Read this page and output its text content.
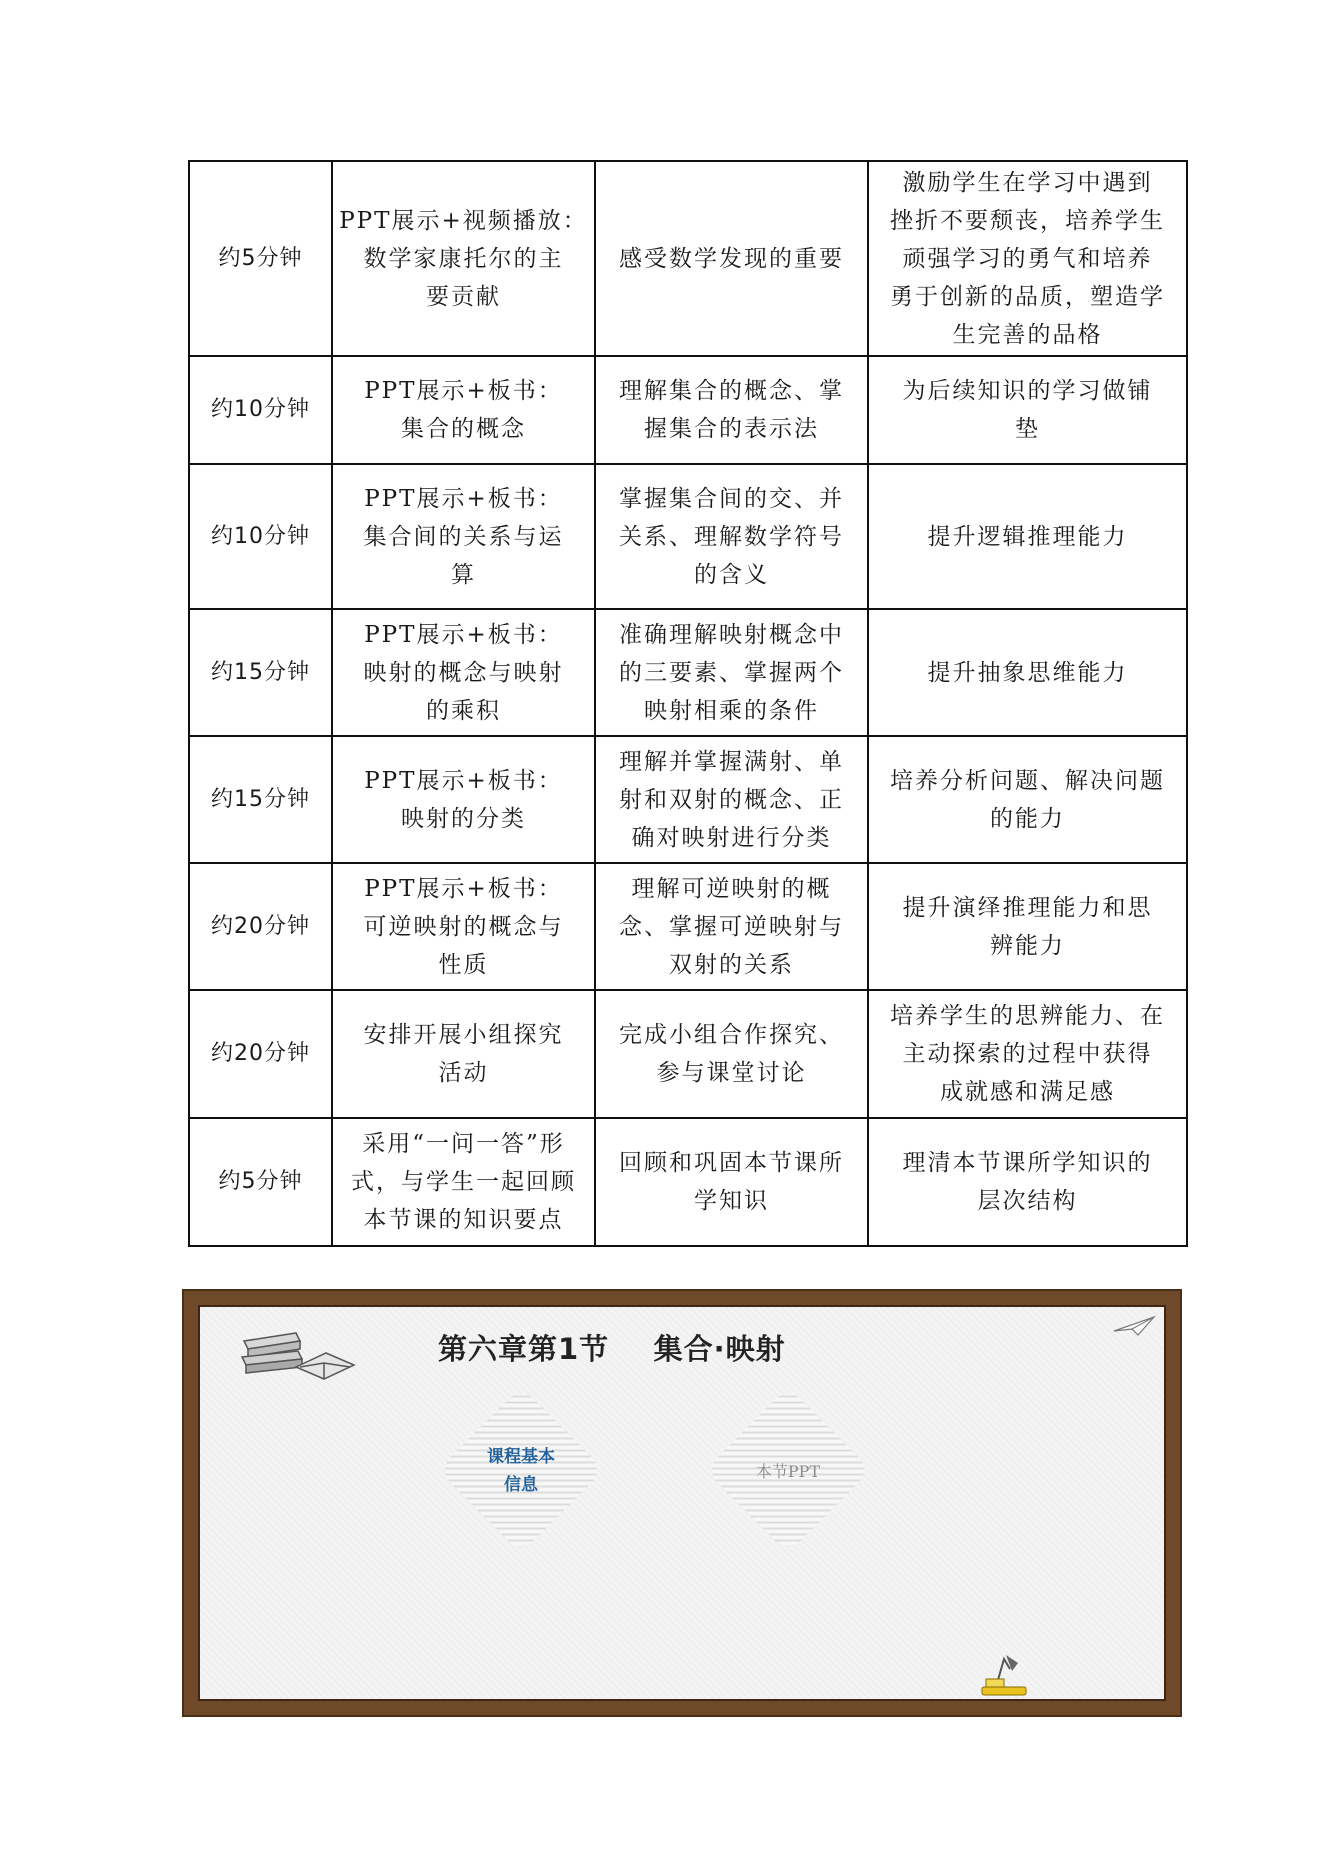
约5分钟	PPT展示+视频播放：
数学家康托尔的主
要贡献	感受数学发现的重要	激励学生在学习中遇到
挫折不要颓丧，培养学生
顽强学习的勇气和培养
勇于创新的品质，塑造学
生完善的品格
约10分钟	PPT展示+板书：
集合的概念	理解集合的概念、掌
握集合的表示法	为后续知识的学习做铺
垫
约10分钟	PPT展示+板书：
集合间的关系与运
算	掌握集合间的交、并
关系、理解数学符号
的含义	提升逻辑推理能力
约15分钟	PPT展示+板书：
映射的概念与映射
的乘积	准确理解映射概念中
的三要素、掌握两个
映射相乘的条件	提升抽象思维能力
约15分钟	PPT展示+板书：
映射的分类	理解并掌握满射、单
射和双射的概念、正
确对映射进行分类	培养分析问题、解决问题
的能力
约20分钟	PPT展示+板书：
可逆映射的概念与
性质	理解可逆映射的概
念、掌握可逆映射与
双射的关系	提升演绎推理能力和思
辨能力
约20分钟	安排开展小组探究
活动	完成小组合作探究、
参与课堂讨论	培养学生的思辨能力、在
主动探索的过程中获得
成就感和满足感
约5分钟	采用“一问一答”形
式，与学生一起回顾
本节课的知识要点	回顾和巩固本节课所
学知识	理清本节课所学知识的
层次结构
第六章第1节    集合·映射
课程基本
信息
本节PPT
